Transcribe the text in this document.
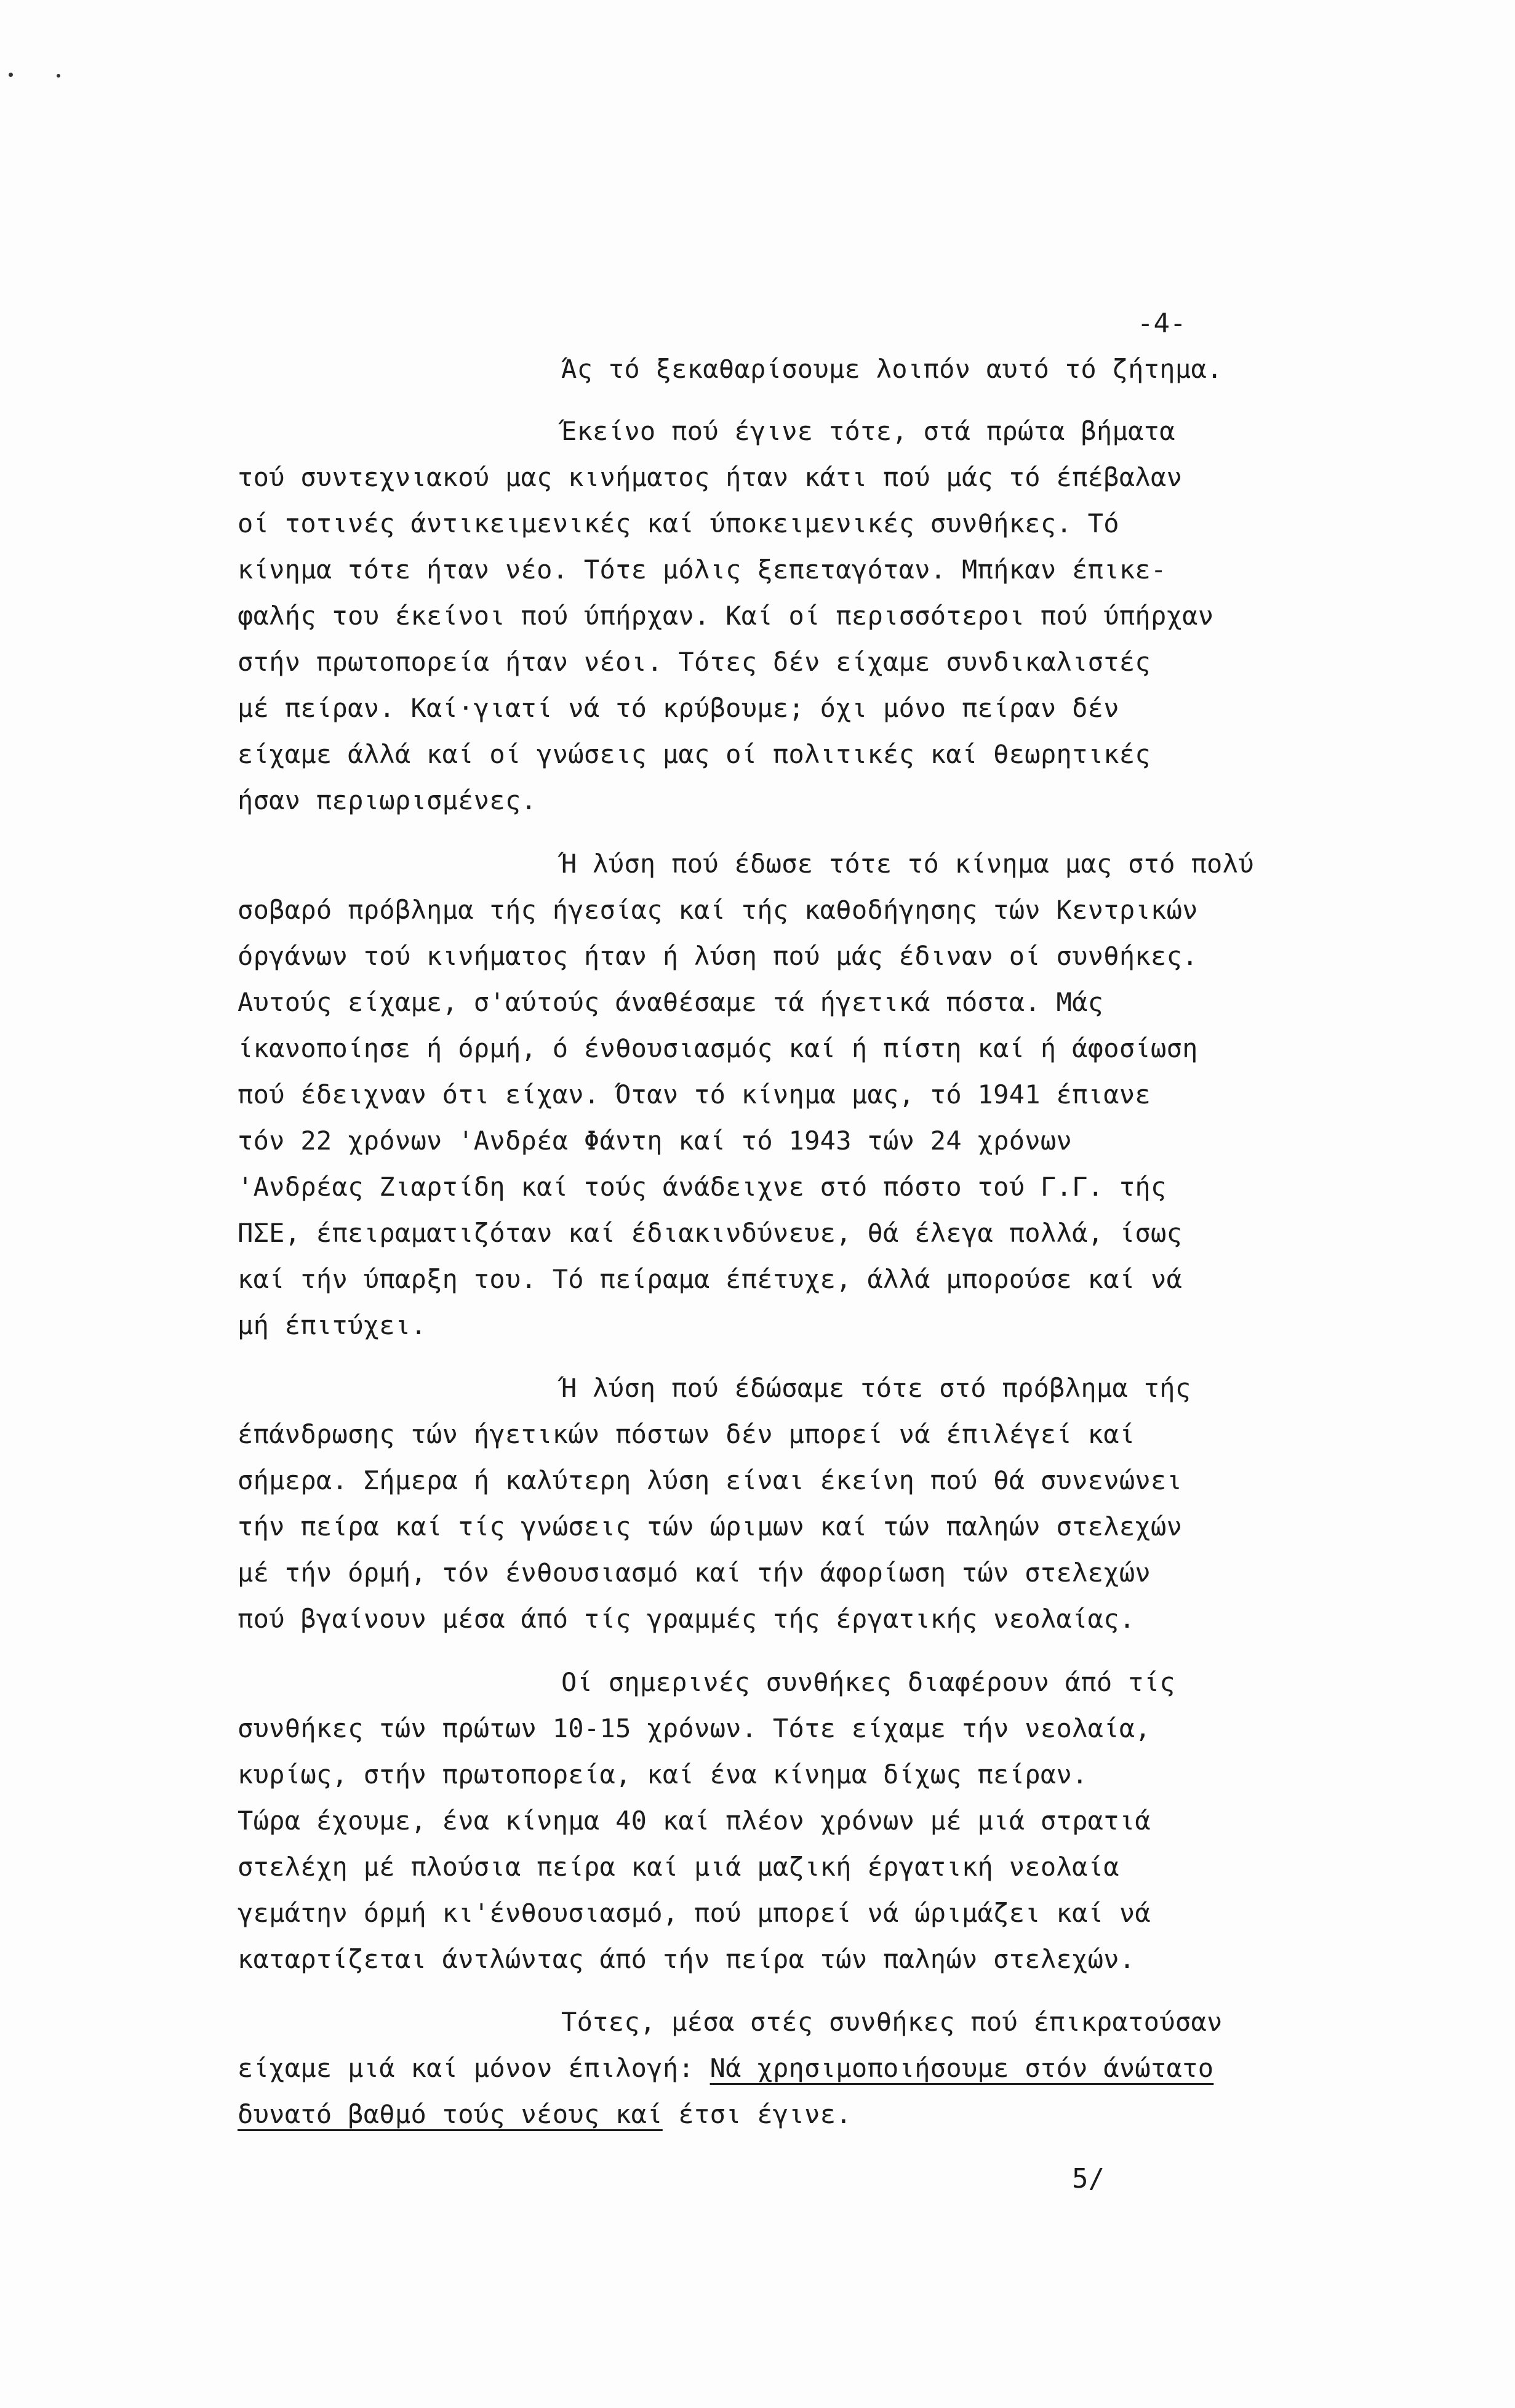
-4-
Άς τό ξεκαθαρίσουμε λοιπόν αυτό τό ζήτημα.
Έκείνο πού έγινε τότε, στά πρώτα βήματα
τού συντεχνιακού μας κινήματος ήταν κάτι πού μάς τό έπέβαλαν
οί τοτινές άντικειμενικές καί ύποκειμενικές συνθήκες. Τό
κίνημα τότε ήταν νέο. Τότε μόλις ξεπεταγόταν. Μπήκαν έπικε-
φαλής του έκείνοι πού ύπήρχαν. Καί οί περισσότεροι πού ύπήρχαν
στήν πρωτοπορεία ήταν νέοι. Τότες δέν είχαμε συνδικαλιστές
μέ πείραν. Καί·γιατί νά τό κρύβουμε; όχι μόνο πείραν δέν
είχαμε άλλά καί οί γνώσεις μας οί πολιτικές καί θεωρητικές
ήσαν περιωρισμένες.
Ή λύση πού έδωσε τότε τό κίνημα μας στό πολύ
σοβαρό πρόβλημα τής ήγεσίας καί τής καθοδήγησης τών Κεντρικών
όργάνων τού κινήματος ήταν ή λύση πού μάς έδιναν οί συνθήκες.
Αυτούς είχαμε, σ'αύτούς άναθέσαμε τά ήγετικά πόστα. Μάς
ίκανοποίησε ή όρμή, ό ένθουσιασμός καί ή πίστη καί ή άφοσίωση
πού έδειχναν ότι είχαν. Όταν τό κίνημα μας, τό 1941 έπιανε
τόν 22 χρόνων 'Ανδρέα Φάντη καί τό 1943 τών 24 χρόνων
'Ανδρέας Ζιαρτίδη καί τούς άνάδειχνε στό πόστο τού Γ.Γ. τής
ΠΣΕ, έπειραματιζόταν καί έδιακινδύνευε, θά έλεγα πολλά, ίσως
καί τήν ύπαρξη του. Τό πείραμα έπέτυχε, άλλά μπορούσε καί νά
μή έπιτύχει.
Ή λύση πού έδώσαμε τότε στό πρόβλημα τής
έπάνδρωσης τών ήγετικών πόστων δέν μπορεί νά έπιλέγεί καί
σήμερα. Σήμερα ή καλύτερη λύση είναι έκείνη πού θά συνενώνει
τήν πείρα καί τίς γνώσεις τών ώριμων καί τών παληών στελεχών
μέ τήν όρμή, τόν ένθουσιασμό καί τήν άφορίωση τών στελεχών
πού βγαίνουν μέσα άπό τίς γραμμές τής έργατικής νεολαίας.
Οί σημερινές συνθήκες διαφέρουν άπό τίς
συνθήκες τών πρώτων 10-15 χρόνων. Τότε είχαμε τήν νεολαία,
κυρίως, στήν πρωτοπορεία, καί ένα κίνημα δίχως πείραν.
Τώρα έχουμε, ένα κίνημα 40 καί πλέον χρόνων μέ μιά στρατιά
στελέχη μέ πλούσια πείρα καί μιά μαζική έργατική νεολαία
γεμάτην όρμή κι'ένθουσιασμό, πού μπορεί νά ώριμάζει καί νά
καταρτίζεται άντλώντας άπό τήν πείρα τών παληών στελεχών.
Τότες, μέσα στές συνθήκες πού έπικρατούσαν
είχαμε μιά καί μόνον έπιλογή: Νά χρησιμοποιήσουμε στόν άνώτατο
δυνατό βαθμό τούς νέους καί έτσι έγινε.
5/
